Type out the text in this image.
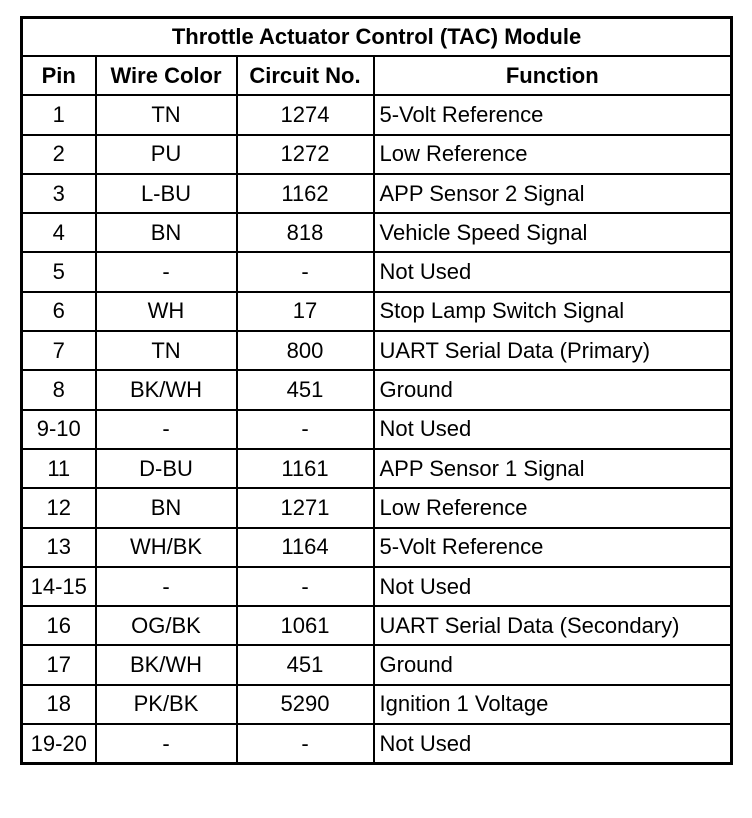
Throttle Actuator Control (TAC) Module			
Pin	Wire Color	Circuit No.	Function
1	TN	1274	5-Volt Reference
2	PU	1272	Low Reference
3	L-BU	1162	APP Sensor 2 Signal
4	BN	818	Vehicle Speed Signal
5	-	-	Not Used
6	WH	17	Stop Lamp Switch Signal
7	TN	800	UART Serial Data (Primary)
8	BK/WH	451	Ground
9-10	-	-	Not Used
11	D-BU	1161	APP Sensor 1 Signal
12	BN	1271	Low Reference
13	WH/BK	1164	5-Volt Reference
14-15	-	-	Not Used
16	OG/BK	1061	UART Serial Data (Secondary)
17	BK/WH	451	Ground
18	PK/BK	5290	Ignition 1 Voltage
19-20	-	-	Not Used
